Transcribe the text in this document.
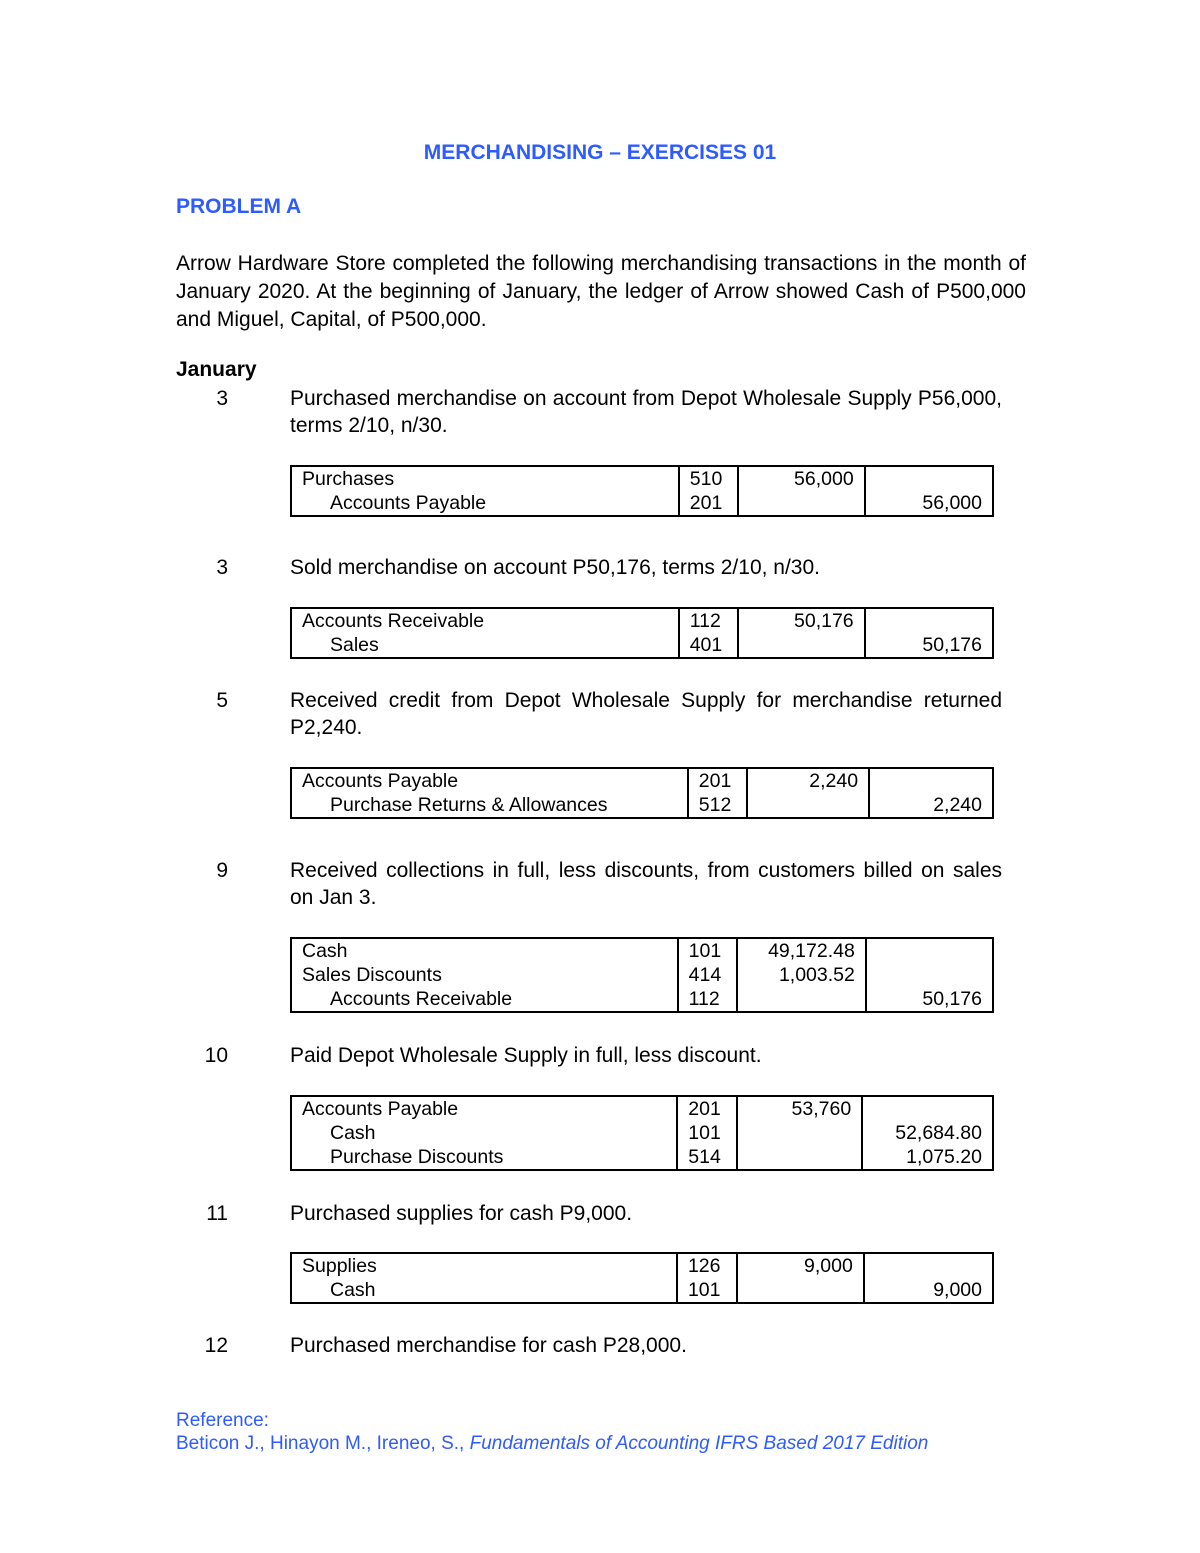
MERCHANDISING – EXERCISES 01
PROBLEM A

Arrow Hardware Store completed the following merchandising transactions in the month of January 2020. At the beginning of January, the ledger of Arrow showed Cash of P500,000 and Miguel, Capital, of P500,000.

January
3	Purchased merchandise on account from Depot Wholesale Supply P56,000, terms 2/10, n/30.
Purchases	510	56,000	
Accounts Payable	201		56,000
3	Sold merchandise on account P50,176, terms 2/10, n/30.
Accounts Receivable	112	50,176	
Sales	401		50,176
5	Received credit from Depot Wholesale Supply for merchandise returned P2,240.
Accounts Payable	201	2,240	
Purchase Returns & Allowances	512		2,240
9	Received collections in full, less discounts, from customers billed on sales on Jan 3.
Cash	101	49,172.48	
Sales Discounts	414	1,003.52	
Accounts Receivable	112		50,176
10	Paid Depot Wholesale Supply in full, less discount.
Accounts Payable	201	53,760	
Cash	101		52,684.80
Purchase Discounts	514		1,075.20
11	Purchased supplies for cash P9,000.
Supplies	126	9,000	
Cash	101		9,000
12	Purchased merchandise for cash P28,000.
Reference:
Beticon J., Hinayon M., Ireneo, S., Fundamentals of Accounting IFRS Based 2017 Edition
